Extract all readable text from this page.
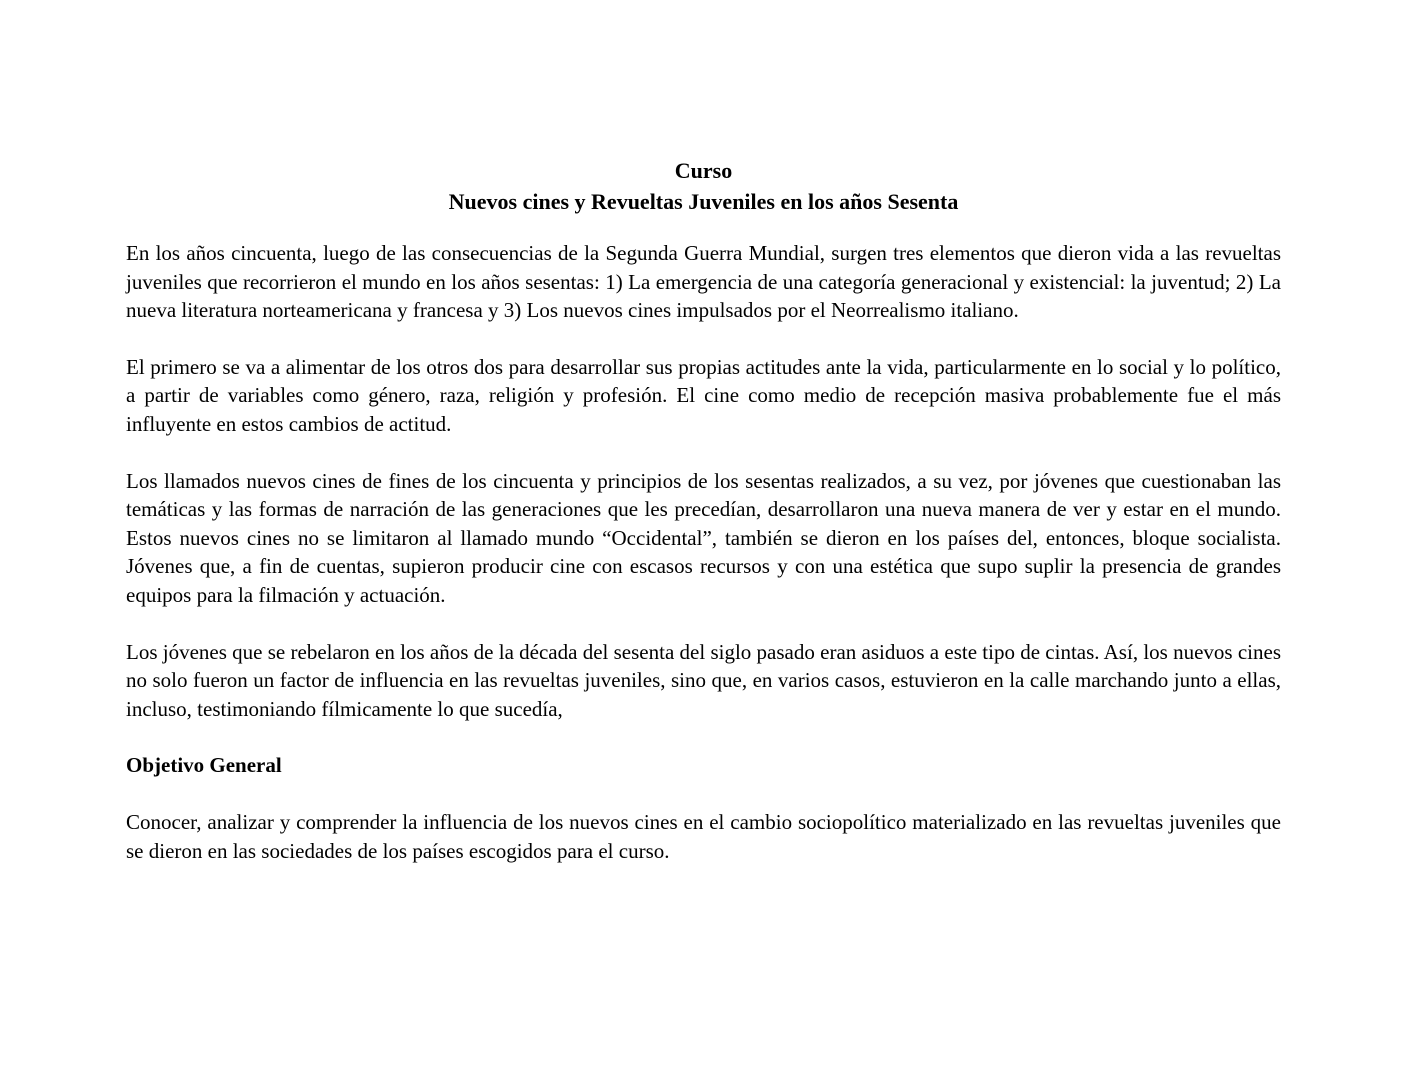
Curso
Nuevos cines y Revueltas Juveniles en los años Sesenta

En los años cincuenta, luego de las consecuencias de la Segunda Guerra Mundial, surgen tres elementos que dieron vida a las revueltas juveniles que recorrieron el mundo en los años sesentas: 1) La emergencia de una categoría generacional y existencial: la juventud; 2) La nueva literatura norteamericana y francesa y 3) Los nuevos cines impulsados por el Neorrealismo italiano.

El primero se va a alimentar de los otros dos para desarrollar sus propias actitudes ante la vida, particularmente en lo social y lo político, a partir de variables como género, raza, religión y profesión. El cine como medio de recepción masiva probablemente fue el más influyente en estos cambios de actitud.

Los llamados nuevos cines de fines de los cincuenta y principios de los sesentas realizados, a su vez, por jóvenes que cuestionaban las temáticas y las formas de narración de las generaciones que les precedían, desarrollaron una nueva manera de ver y estar en el mundo. Estos nuevos cines no se limitaron al llamado mundo “Occidental”, también se dieron en los países del, entonces, bloque socialista. Jóvenes que, a fin de cuentas, supieron producir cine con escasos recursos y con una estética que supo suplir la presencia de grandes equipos para la filmación y actuación.

Los jóvenes que se rebelaron en los años de la década del sesenta del siglo pasado eran asiduos a este tipo de cintas. Así, los nuevos cines no solo fueron un factor de influencia en las revueltas juveniles, sino que, en varios casos, estuvieron en la calle marchando junto a ellas, incluso, testimoniando fílmicamente lo que sucedía,

Objetivo General

Conocer, analizar y comprender la influencia de los nuevos cines en el cambio sociopolítico materializado en las revueltas juveniles que se dieron en las sociedades de los países escogidos para el curso.
